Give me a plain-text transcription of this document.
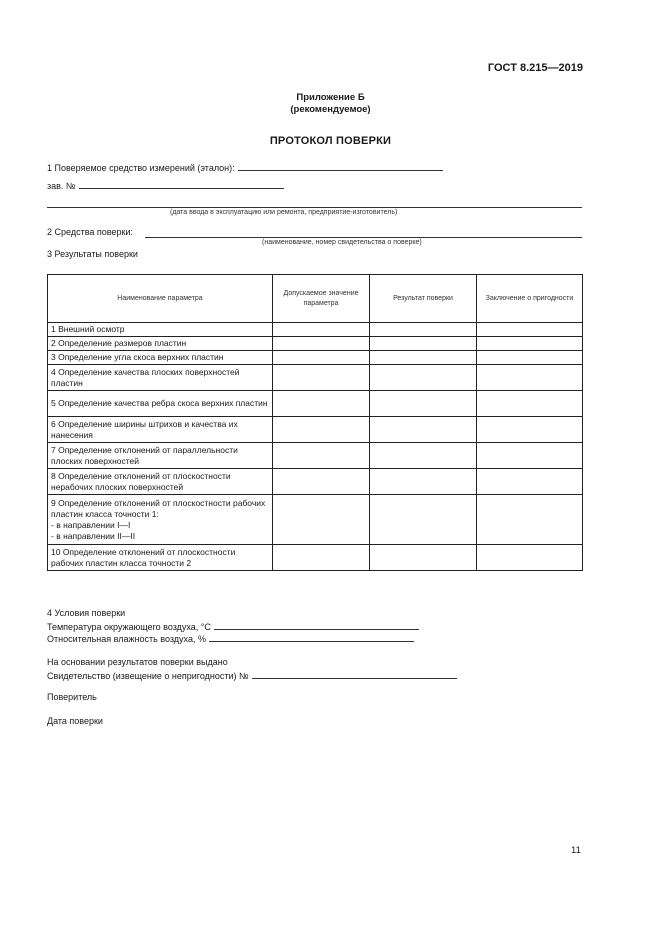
ГОСТ 8.215—2019
Приложение Б
(рекомендуемое)
ПРОТОКОЛ ПОВЕРКИ
1 Поверяемое средство измерений (эталон):
зав. №
(дата ввода в эксплуатацию или ремонта, предприятие-изготовитель)
2 Средства поверки:
(наименование, номер свидетельства о поверке)
3 Результаты поверки
Наименование параметра	Допускаемое значение параметра	Результат поверки	Заключение о пригодности
1 Внешний осмотр			
2 Определение размеров пластин			
3 Определение угла скоса верхних пластин			
4 Определение качества плоских поверхностей пластин			
5 Определение качества ребра скоса верхних пластин			
6 Определение ширины штрихов и качества их нанесения			
7 Определение отклонений от параллельности плоских поверхностей			
8 Определение отклонений от плоскостности нерабочих плоских поверхностей			
9 Определение отклонений от плоскостности рабочих пластин класса точности 1:
- в направлении I—I
- в направлении II—II			
10 Определение отклонений от плоскостности рабочих пластин класса точности 2			
4 Условия поверки
Температура окружающего воздуха, °С
Относительная влажность воздуха, %
На основании результатов поверки выдано
Свидетельство (извещение о непригодности) №
Поверитель
Дата поверки
11
